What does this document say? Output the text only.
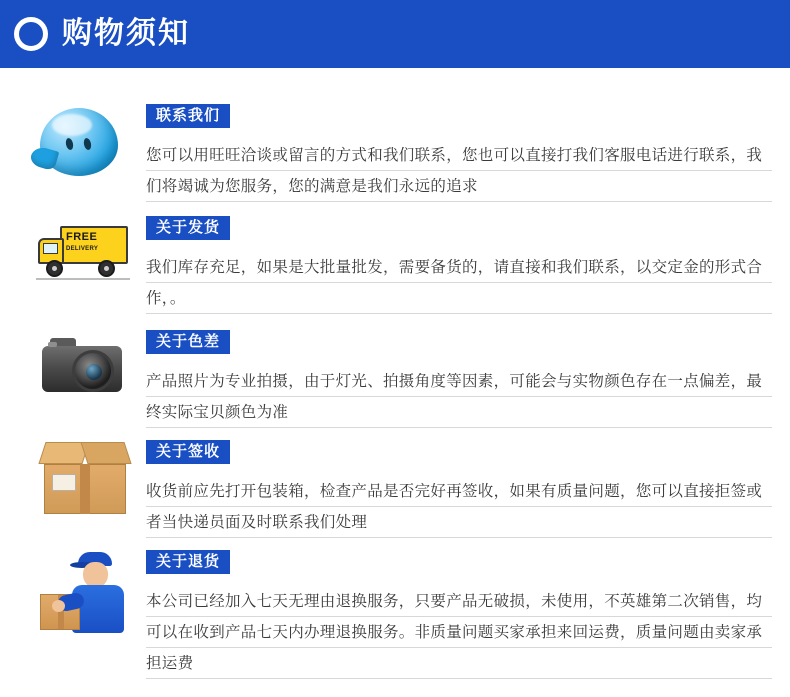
购物须知
联系我们
您可以用旺旺洽谈或留言的方式和我们联系，您也可以直接打我们客服电话进行联系，我们将竭诚为您服务，您的满意是我们永远的追求
FREE
DELIVERY
关于发货
我们库存充足，如果是大批量批发，需要备货的，请直接和我们联系，以交定金的形式合作，。
关于色差
产品照片为专业拍摄，由于灯光、拍摄角度等因素，可能会与实物颜色存在一点偏差，最终实际宝贝颜色为准
关于签收
收货前应先打开包装箱，检查产品是否完好再签收，如果有质量问题，您可以直接拒签或者当快递员面及时联系我们处理
关于退货
本公司已经加入七天无理由退换服务，只要产品无破损，未使用，不英雄第二次销售，均可以在收到产品七天内办理退换服务。非质量问题买家承担来回运费，质量问题由卖家承担运费
